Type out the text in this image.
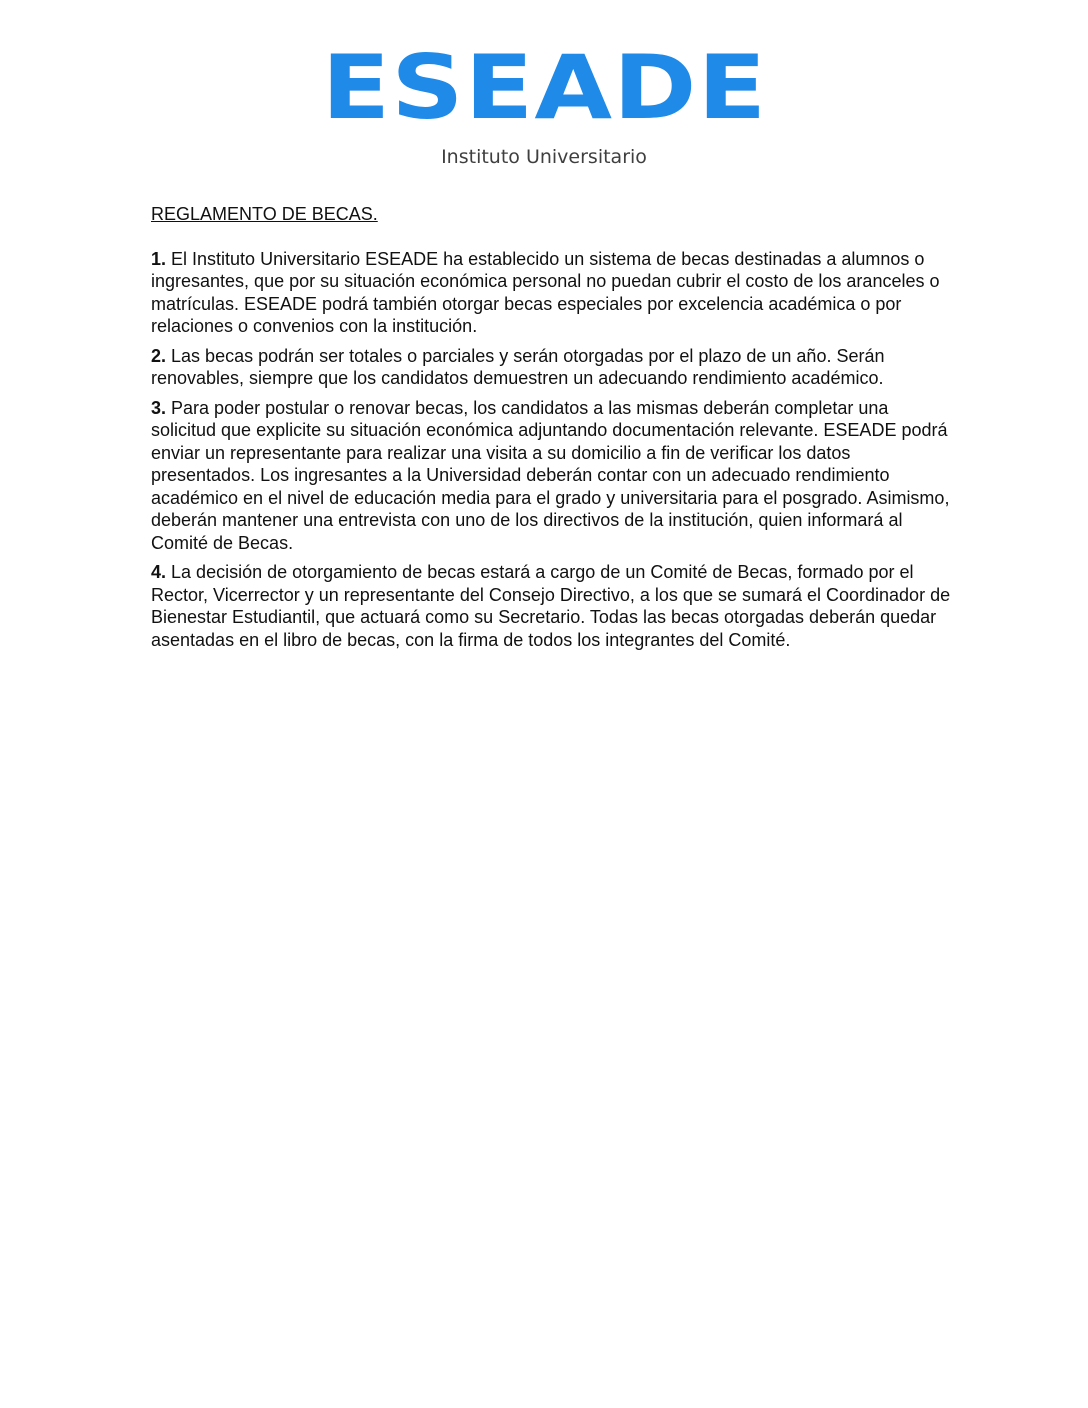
ESEADE
Instituto Universitario
REGLAMENTO DE BECAS.

1. El Instituto Universitario ESEADE ha establecido un sistema de becas destinadas a alumnos o ingresantes, que por su situación económica personal no puedan cubrir el costo de los aranceles o matrículas. ESEADE podrá también otorgar becas especiales por excelencia académica o por relaciones o convenios con la institución.

2. Las becas podrán ser totales o parciales y serán otorgadas por el plazo de un año. Serán renovables, siempre que los candidatos demuestren un adecuando rendimiento académico.

3. Para poder postular o renovar becas, los candidatos a las mismas deberán completar una solicitud que explicite su situación económica adjuntando documentación relevante. ESEADE podrá enviar un representante para realizar una visita a su domicilio a fin de verificar los datos presentados. Los ingresantes a la Universidad deberán contar con un adecuado rendimiento académico en el nivel de educación media para el grado y universitaria para el posgrado. Asimismo, deberán mantener una entrevista con uno de los directivos de la institución, quien informará al Comité de Becas.

4. La decisión de otorgamiento de becas estará a cargo de un Comité de Becas, formado por el Rector, Vicerrector y un representante del Consejo Directivo, a los que se sumará el Coordinador de Bienestar Estudiantil, que actuará como su Secretario. Todas las becas otorgadas deberán quedar asentadas en el libro de becas, con la firma de todos los integrantes del Comité.
